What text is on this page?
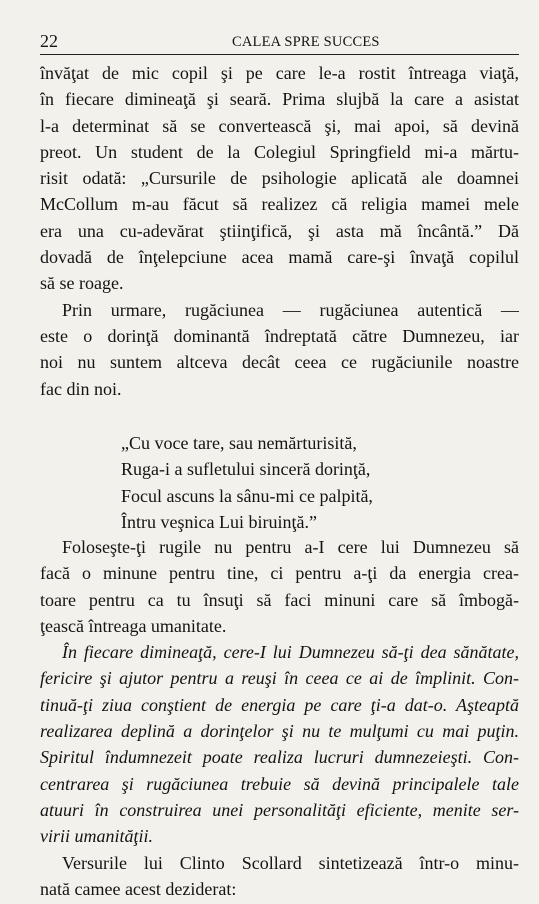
22	CALEA SPRE SUCCES
învăţat de mic copil şi pe care le-a rostit întreaga viaţă,
în fiecare dimineaţă şi seară. Prima slujbă la care a asistat
l-a determinat să se convertească şi, mai apoi, să devină
preot. Un student de la Colegiul Springfield mi-a mărtu-
risit odată: „Cursurile de psihologie aplicată ale doamnei
McCollum m-au făcut să realizez că religia mamei mele
era una cu-adevărat ştiinţifică, şi asta mă încântă.” Dă
dovadă de înţelepciune acea mamă care-şi învaţă copilul
să se roage.
Prin urmare, rugăciunea — rugăciunea autentică —
este o dorinţă dominantă îndreptată către Dumnezeu, iar
noi nu suntem altceva decât ceea ce rugăciunile noastre
fac din noi.
„Cu voce tare, sau nemărturisită,
Ruga-i a sufletului sinceră dorinţă,
Focul ascuns la sânu-mi ce palpită,
Întru veşnica Lui biruinţă.”
Foloseşte-ţi rugile nu pentru a-I cere lui Dumnezeu să
facă o minune pentru tine, ci pentru a-ţi da energia crea-
toare pentru ca tu însuţi să faci minuni care să îmbogă-
ţească întreaga umanitate.
În fiecare dimineaţă, cere-I lui Dumnezeu să-ţi dea sănătate,
fericire şi ajutor pentru a reuşi în ceea ce ai de împlinit. Con-
tinuă-ţi ziua conştient de energia pe care ţi-a dat-o. Aşteaptă
realizarea deplină a dorinţelor şi nu te mulţumi cu mai puţin.
Spiritul îndumnezeit poate realiza lucruri dumnezeieşti. Con-
centrarea şi rugăciunea trebuie să devină principalele tale
atuuri în construirea unei personalităţi eficiente, menite ser-
virii umanităţii.
Versurile lui Clinto Scollard sintetizează într-o minu-
nată camee acest deziderat:
